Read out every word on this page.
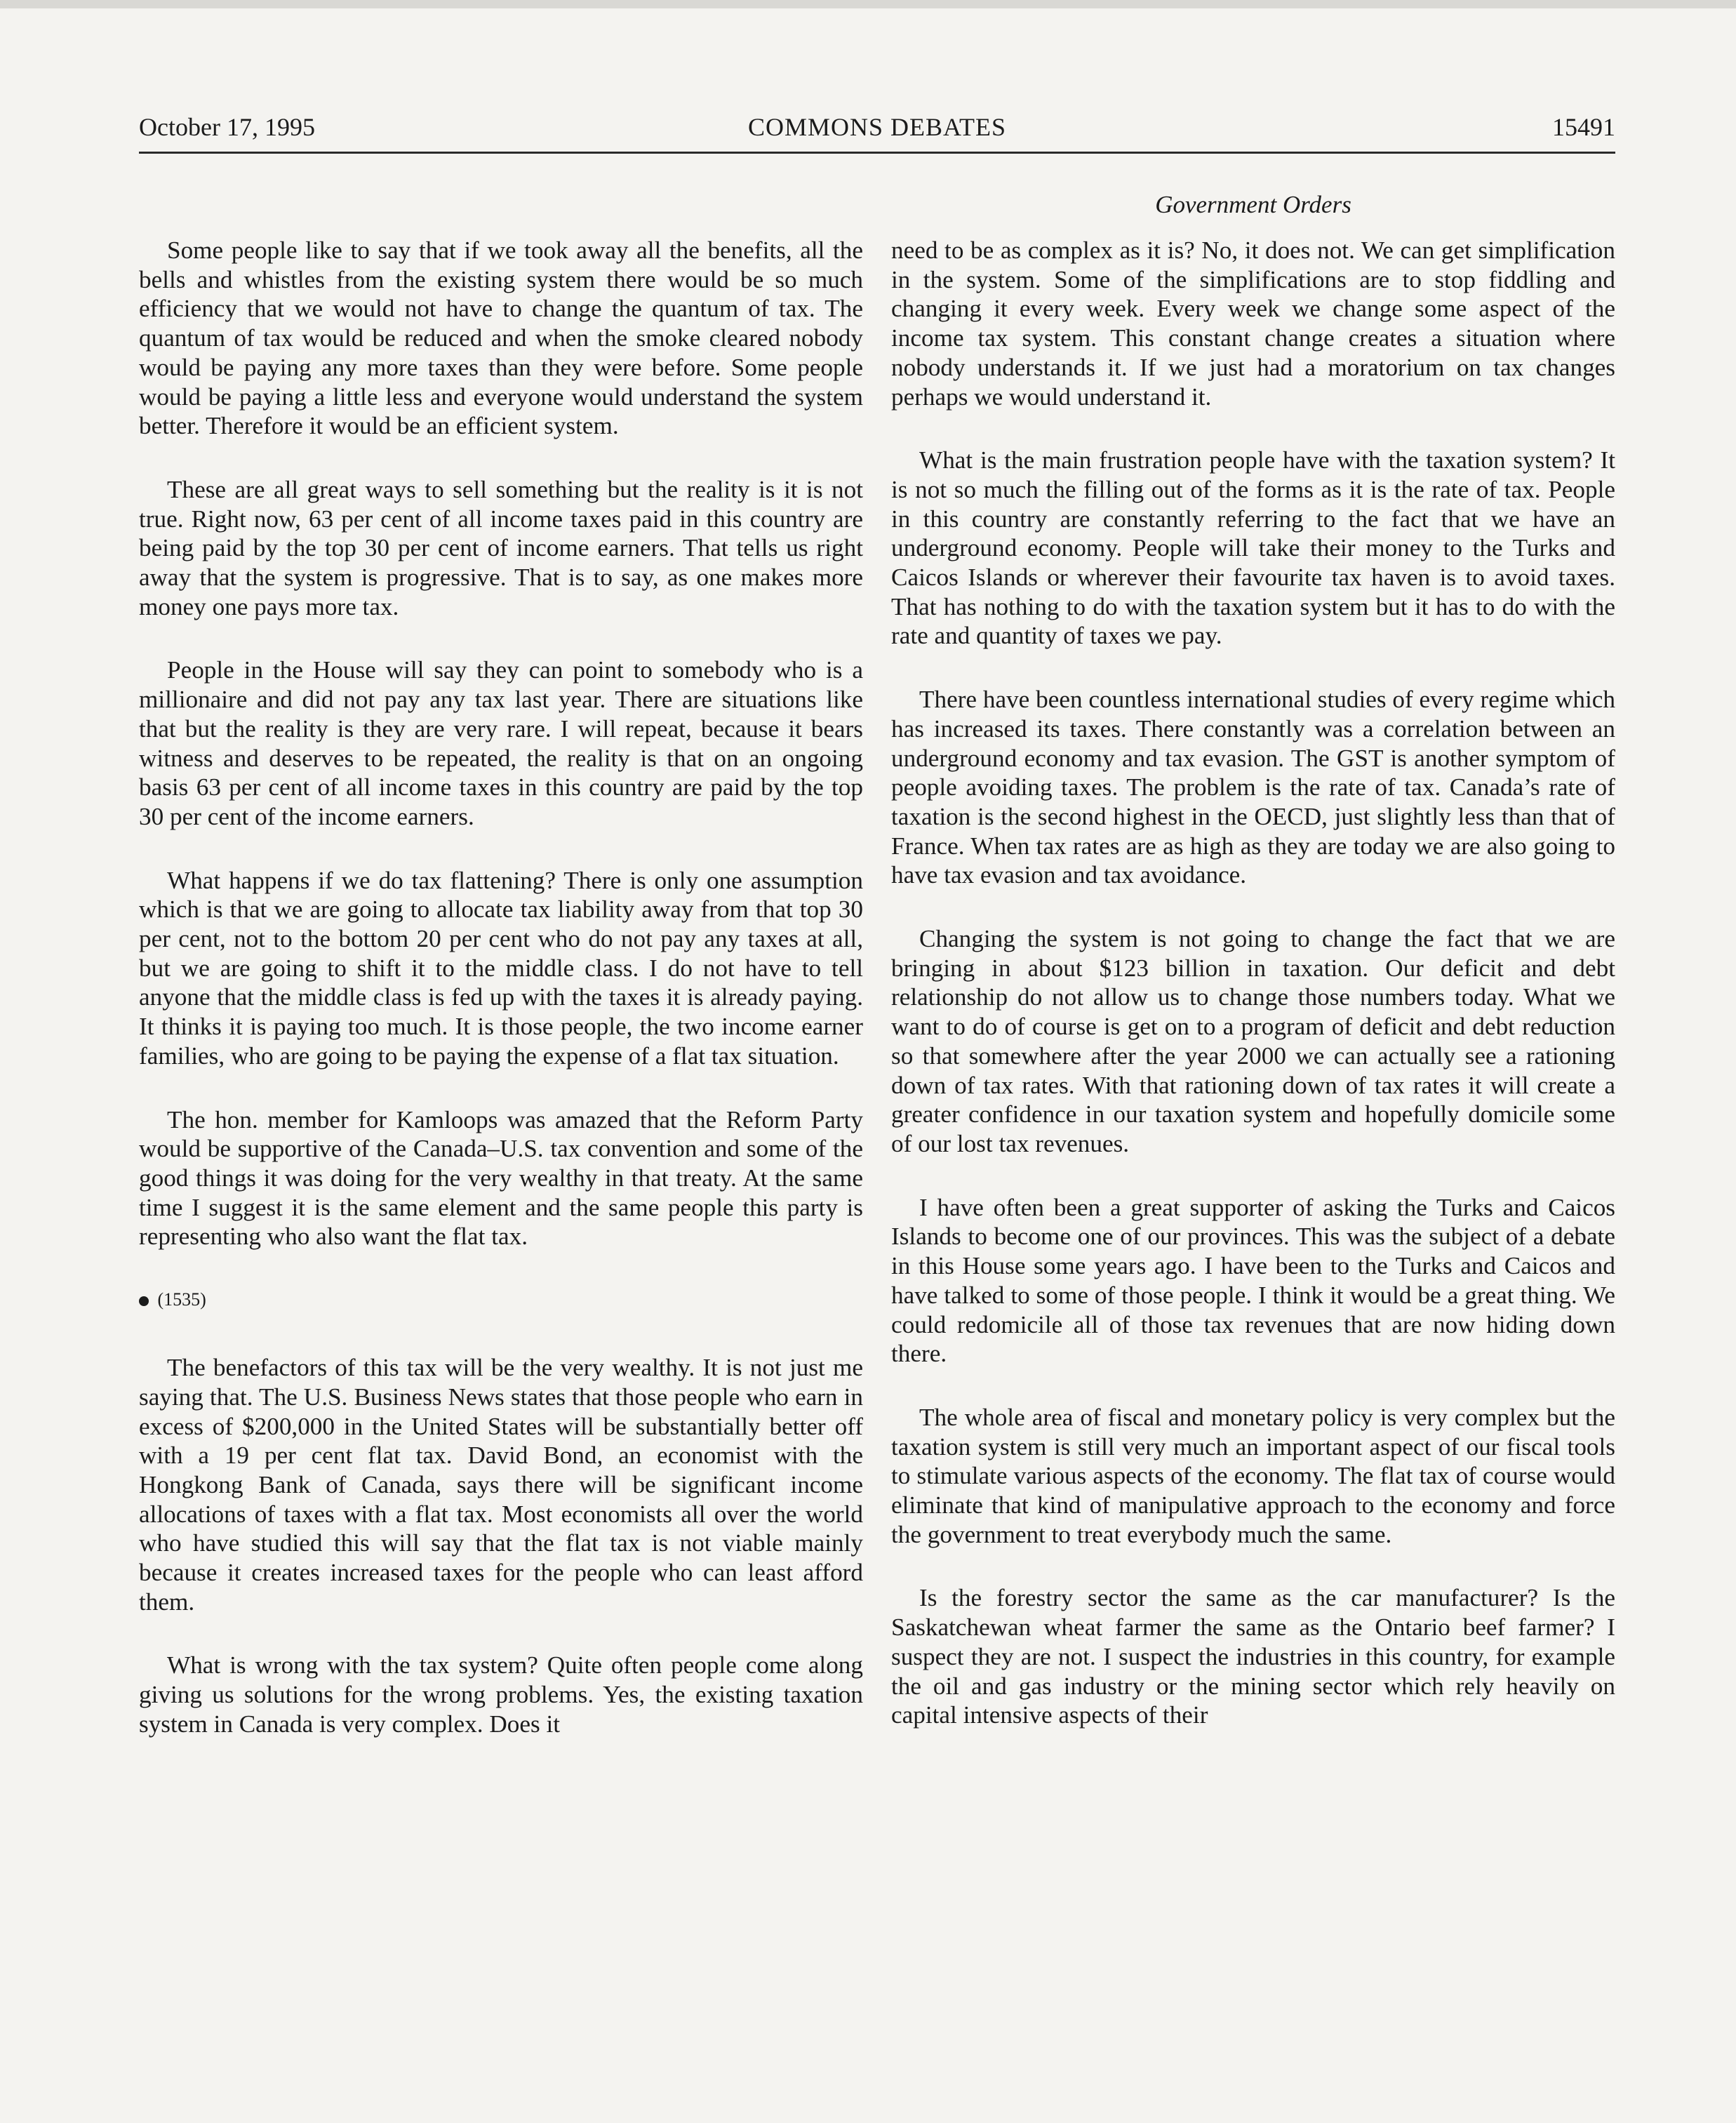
COMMONS DEBATES
October 17, 1995	15491
Government Orders

Some people like to say that if we took away all the benefits, all the bells and whistles from the existing system there would be so much efficiency that we would not have to change the quantum of tax. The quantum of tax would be reduced and when the smoke cleared nobody would be paying any more taxes than they were before. Some people would be paying a little less and everyone would understand the system better. Therefore it would be an efficient system.

These are all great ways to sell something but the reality is it is not true. Right now, 63 per cent of all income taxes paid in this country are being paid by the top 30 per cent of income earners. That tells us right away that the system is progressive. That is to say, as one makes more money one pays more tax.

People in the House will say they can point to somebody who is a millionaire and did not pay any tax last year. There are situations like that but the reality is they are very rare. I will repeat, because it bears witness and deserves to be repeated, the reality is that on an ongoing basis 63 per cent of all income taxes in this country are paid by the top 30 per cent of the income earners.

What happens if we do tax flattening? There is only one assumption which is that we are going to allocate tax liability away from that top 30 per cent, not to the bottom 20 per cent who do not pay any taxes at all, but we are going to shift it to the middle class. I do not have to tell anyone that the middle class is fed up with the taxes it is already paying. It thinks it is paying too much. It is those people, the two income earner families, who are going to be paying the expense of a flat tax situation.

The hon. member for Kamloops was amazed that the Reform Party would be supportive of the Canada–U.S. tax convention and some of the good things it was doing for the very wealthy in that treaty. At the same time I suggest it is the same element and the same people this party is representing who also want the flat tax.

(1535)

The benefactors of this tax will be the very wealthy. It is not just me saying that. The U.S. Business News states that those people who earn in excess of $200,000 in the United States will be substantially better off with a 19 per cent flat tax. David Bond, an economist with the Hongkong Bank of Canada, says there will be significant income allocations of taxes with a flat tax. Most economists all over the world who have studied this will say that the flat tax is not viable mainly because it creates increased taxes for the people who can least afford them.

What is wrong with the tax system? Quite often people come along giving us solutions for the wrong problems. Yes, the existing taxation system in Canada is very complex. Does it

need to be as complex as it is? No, it does not. We can get simplification in the system. Some of the simplifications are to stop fiddling and changing it every week. Every week we change some aspect of the income tax system. This constant change creates a situation where nobody understands it. If we just had a moratorium on tax changes perhaps we would understand it.

What is the main frustration people have with the taxation system? It is not so much the filling out of the forms as it is the rate of tax. People in this country are constantly referring to the fact that we have an underground economy. People will take their money to the Turks and Caicos Islands or wherever their favourite tax haven is to avoid taxes. That has nothing to do with the taxation system but it has to do with the rate and quantity of taxes we pay.

There have been countless international studies of every regime which has increased its taxes. There constantly was a correlation between an underground economy and tax evasion. The GST is another symptom of people avoiding taxes. The problem is the rate of tax. Canada’s rate of taxation is the second highest in the OECD, just slightly less than that of France. When tax rates are as high as they are today we are also going to have tax evasion and tax avoidance.

Changing the system is not going to change the fact that we are bringing in about $123 billion in taxation. Our deficit and debt relationship do not allow us to change those numbers today. What we want to do of course is get on to a program of deficit and debt reduction so that somewhere after the year 2000 we can actually see a rationing down of tax rates. With that rationing down of tax rates it will create a greater confidence in our taxation system and hopefully domicile some of our lost tax revenues.

I have often been a great supporter of asking the Turks and Caicos Islands to become one of our provinces. This was the subject of a debate in this House some years ago. I have been to the Turks and Caicos and have talked to some of those people. I think it would be a great thing. We could redomicile all of those tax revenues that are now hiding down there.

The whole area of fiscal and monetary policy is very complex but the taxation system is still very much an important aspect of our fiscal tools to stimulate various aspects of the economy. The flat tax of course would eliminate that kind of manipulative approach to the economy and force the government to treat everybody much the same.

Is the forestry sector the same as the car manufacturer? Is the Saskatchewan wheat farmer the same as the Ontario beef farmer? I suspect they are not. I suspect the industries in this country, for example the oil and gas industry or the mining sector which rely heavily on capital intensive aspects of their
